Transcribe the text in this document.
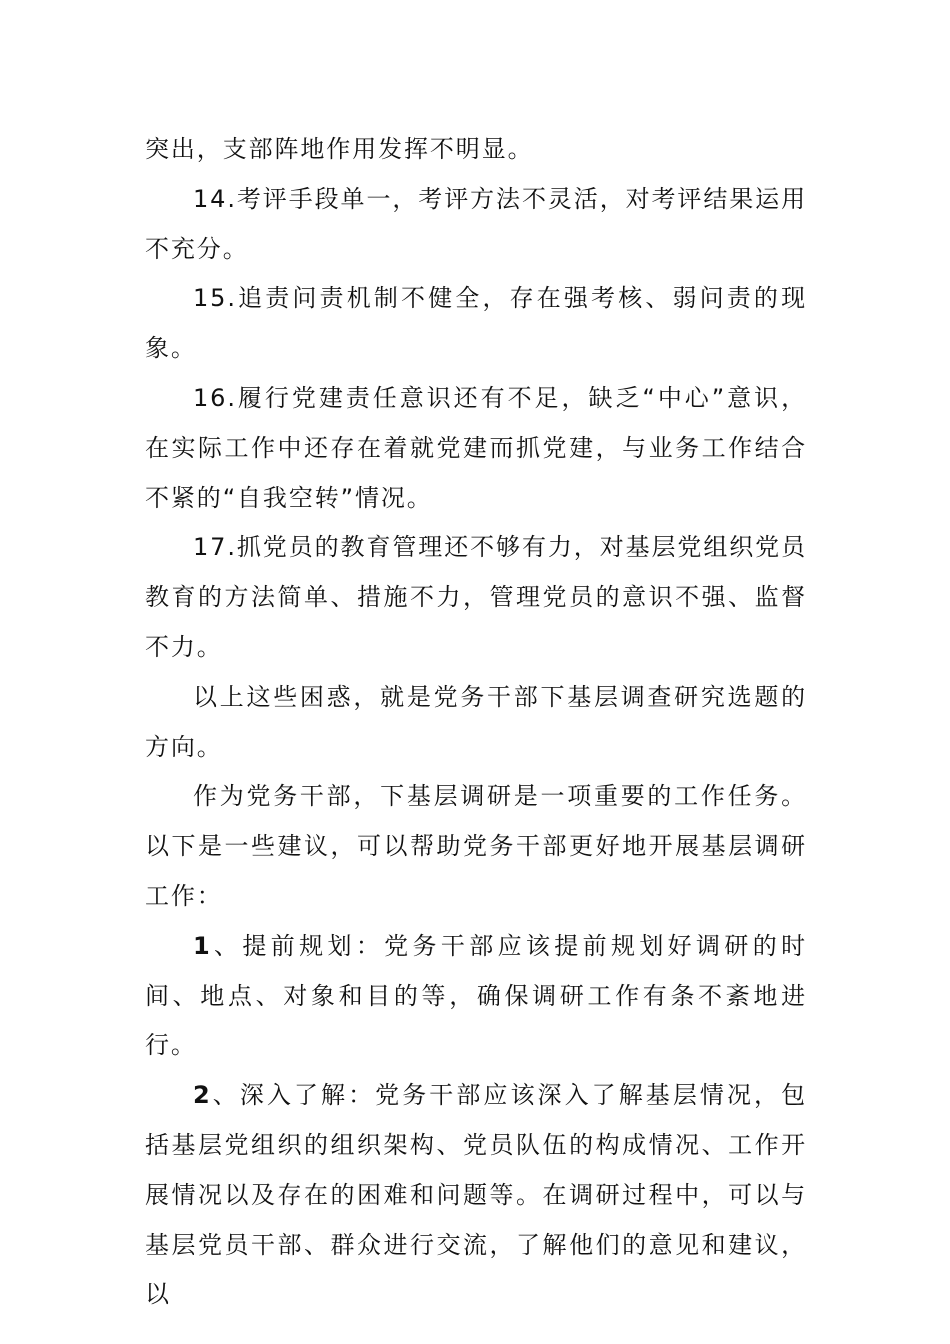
突出，支部阵地作用发挥不明显。

14.考评手段单一，考评方法不灵活，对考评结果运用不充分。

15.追责问责机制不健全，存在强考核、弱问责的现象。

16.履行党建责任意识还有不足，缺乏“中心”意识，在实际工作中还存在着就党建而抓党建，与业务工作结合不紧的“自我空转”情况。

17.抓党员的教育管理还不够有力，对基层党组织党员教育的方法简单、措施不力，管理党员的意识不强、监督不力。

以上这些困惑，就是党务干部下基层调查研究选题的方向。

作为党务干部，下基层调研是一项重要的工作任务。以下是一些建议，可以帮助党务干部更好地开展基层调研工作：

1、提前规划：党务干部应该提前规划好调研的时间、地点、对象和目的等，确保调研工作有条不紊地进行。

2、深入了解：党务干部应该深入了解基层情况，包括基层党组织的组织架构、党员队伍的构成情况、工作开展情况以及存在的困难和问题等。在调研过程中，可以与基层党员干部、群众进行交流，了解他们的意见和建议，以
